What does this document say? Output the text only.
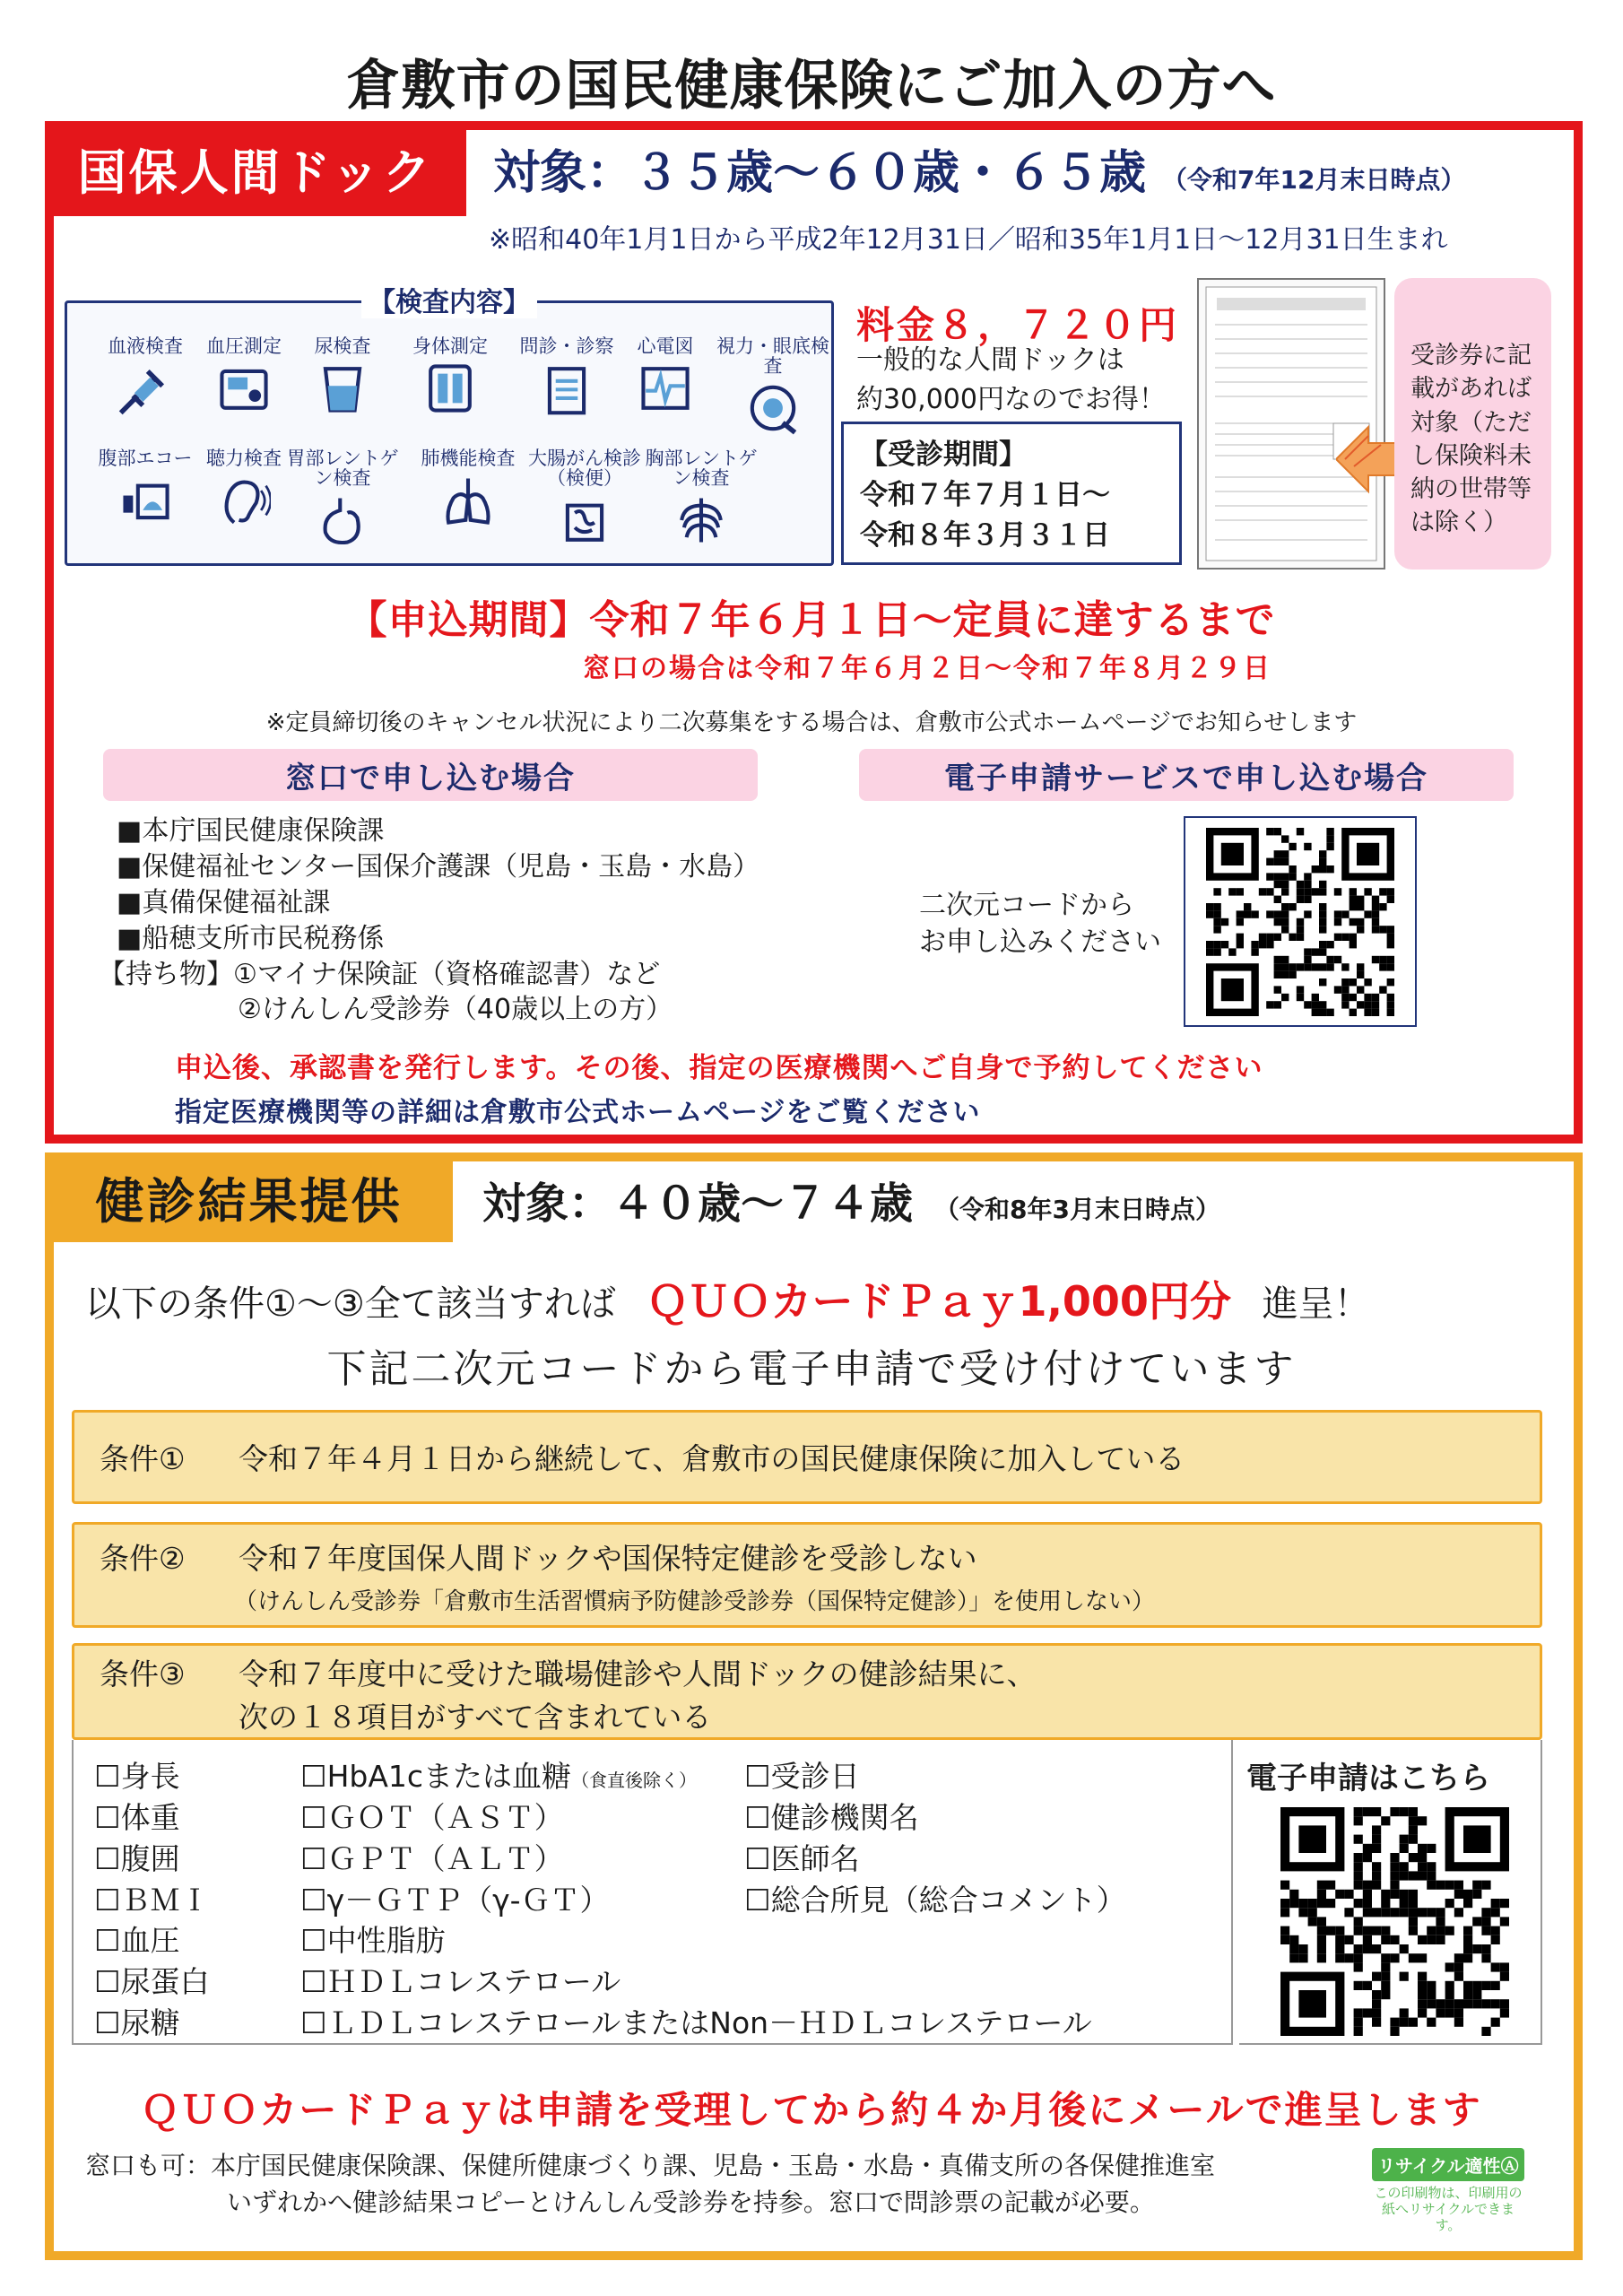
倉敷市の国民健康保険にご加入の方へ
国保人間ドック	対象：３５歳～６０歳・６５歳 （令和7年12月末日時点）
※昭和40年1月1日から平成2年12月31日／昭和35年1月1日～12月31日生まれ
【検査内容】
血液検査	血圧測定	尿検査	身体測定	問診・診察	心電図	視力・眼底検査
腹部エコー 聴力検査 胃部レントゲン検査
肺機能検査 大腸がん検診（検便）
胸部レントゲン検査
料金８，７２０円
一般的な人間ドックは
約30,000円なのでお得！
【受診期間】
令和７年７月１日～
令和８年３月３１日
受診券に記載があれば対象（ただし保険料未納の世帯等は除く）
【申込期間】令和７年６月１日～定員に達するまで
窓口の場合は令和７年６月２日～令和７年８月２９日
※定員締切後のキャンセル状況により二次募集をする場合は、倉敷市公式ホームページでお知らせします
窓口で申し込む場合	電子申請サービスで申し込む場合
■本庁国民健康保険課
■保健福祉センター国保介護課（児島・玉島・水島）
■真備保健福祉課
■船穂支所市民税務係
【持ち物】①マイナ保険証（資格確認書）など
②けんしん受診券（40歳以上の方）
二次元コードから
お申し込みください
申込後、承認書を発行します。その後、指定の医療機関へご自身で予約してください
指定医療機関等の詳細は倉敷市公式ホームページをご覧ください
健診結果提供	対象：４０歳～７４歳 （令和8年3月末日時点）
以下の条件①～③全て該当すれば ＱＵＯカードＰａｙ1,000円分 進呈！
下記二次元コードから電子申請で受け付けています
条件①	令和７年４月１日から継続して、倉敷市の国民健康保険に加入している
条件② 令和７年度国保人間ドックや国保特定健診を受診しない
（けんしん受診券「倉敷市生活習慣病予防健診受診券（国保特定健診）」を使用しない）
条件③ 令和７年度中に受けた職場健診や人間ドックの健診結果に、
次の１８項目がすべて含まれている
☐身長
☐体重
☐腹囲
☐ＢＭＩ
☐血圧
☐尿蛋白
☐尿糖
☐HbA1cまたは血糖（食直後除く）
☐ＧＯＴ（ＡＳＴ）
☐ＧＰＴ（ＡＬＴ）
☐γ－ＧＴＰ（γ-ＧＴ）
☐中性脂肪
☐ＨＤＬコレステロール
☐ＬＤＬコレステロールまたはNon－ＨＤＬコレステロール
☐受診日
☐健診機関名
☐医師名
☐総合所見（総合コメント）
電子申請はこちら
ＱＵＯカードＰａｙは申請を受理してから約４か月後にメールで進呈します
窓口も可：本庁国民健康保険課、保健所健康づくり課、児島・玉島・水島・真備支所の各保健推進室
いずれかへ健診結果コピーとけんしん受診券を持参。窓口で問診票の記載が必要。
リサイクル適性Ⓐ
この印刷物は、印刷用の紙へリサイクルできます。
